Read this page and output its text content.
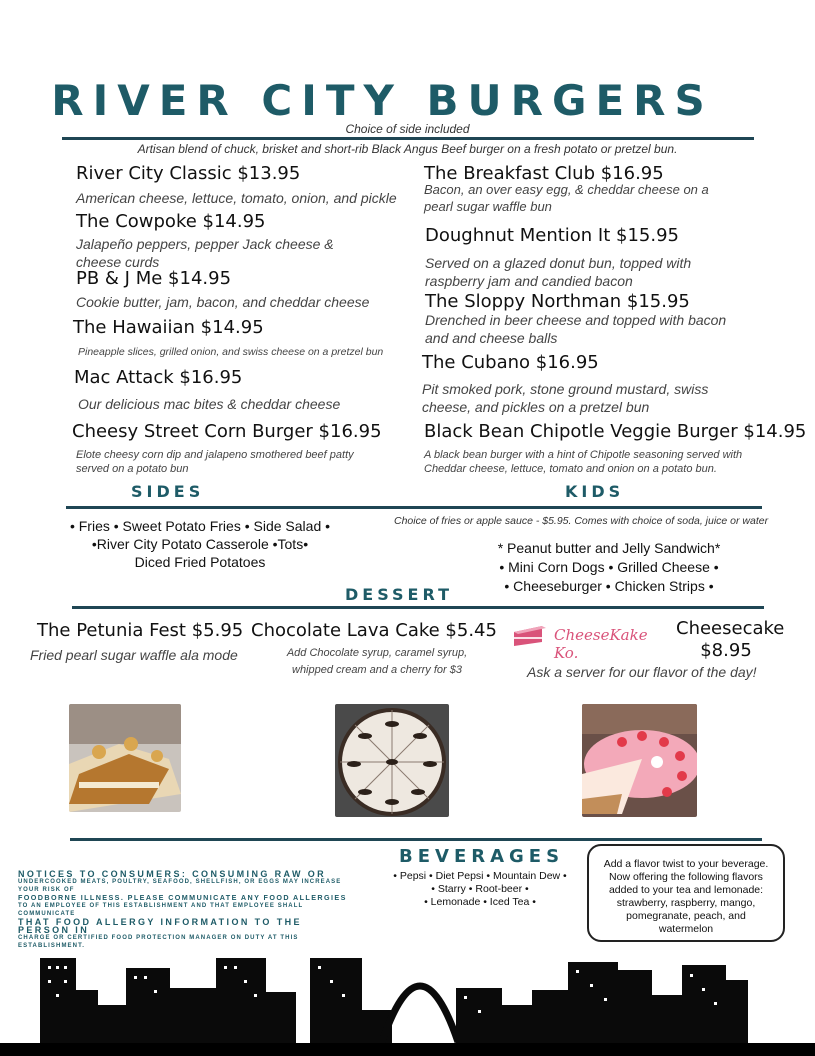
RIVER CITY BURGERS
Choice of side included
Artisan blend of chuck, brisket and short-rib Black Angus Beef burger on a fresh potato or pretzel bun.
River City Classic $13.95
American cheese, lettuce, tomato, onion, and pickle
The Cowpoke $14.95
Jalapeño peppers, pepper Jack cheese & cheese curds
PB & J Me $14.95
Cookie butter, jam, bacon, and cheddar cheese
The Hawaiian $14.95
Pineapple slices, grilled onion, and swiss cheese on a pretzel bun
Mac Attack $16.95
Our delicious mac bites & cheddar cheese
Cheesy Street Corn Burger $16.95
Elote cheesy corn dip and jalapeno smothered beef patty served on a potato bun
The Breakfast Club $16.95
Bacon, an over easy egg, & cheddar cheese on a pearl sugar waffle bun
Doughnut Mention It $15.95
Served on a glazed donut bun, topped with raspberry jam and candied bacon
The Sloppy Northman $15.95
Drenched in beer cheese and topped with bacon and and cheese balls
The Cubano $16.95
Pit smoked pork, stone ground mustard, swiss cheese, and pickles on a pretzel bun
Black Bean Chipotle Veggie Burger $14.95
A black bean burger with a hint of Chipotle seasoning served with Cheddar cheese, lettuce, tomato and onion on a potato bun.
SIDES	KIDS
• Fries • Sweet Potato Fries • Side Salad •
•River City Potato Casserole •Tots•
Diced Fried Potatoes
Choice of fries or apple sauce - $5.95. Comes with choice of soda, juice or water
* Peanut butter and Jelly Sandwich*
• Mini Corn Dogs • Grilled Cheese •
• Cheeseburger • Chicken Strips •
DESSERT
The Petunia Fest $5.95
Fried pearl sugar waffle ala mode
Chocolate Lava Cake $5.45
Add Chocolate syrup, caramel syrup, whipped cream and a cherry for $3
CheeseKake Ko.
Cheesecake $8.95
Ask a server for our flavor of the day!
NOTICES TO CONSUMERS: CONSUMING RAW OR
UNDERCOOKED MEATS, POULTRY, SEAFOOD, SHELLFISH, OR EGGS MAY INCREASE YOUR RISK OF
FOODBORNE ILLNESS. PLEASE COMMUNICATE ANY FOOD ALLERGIES
TO AN EMPLOYEE OF THIS ESTABLISHMENT AND THAT EMPLOYEE SHALL COMMUNICATE
THAT FOOD ALLERGY INFORMATION TO THE PERSON IN
CHARGE OR CERTIFIED FOOD PROTECTION MANAGER ON DUTY AT THIS ESTABLISHMENT.
BEVERAGES
• Pepsi • Diet Pepsi • Mountain Dew •
• Starry • Root-beer •
• Lemonade • Iced Tea •
Add a flavor twist to your beverage. Now offering the following flavors added to your tea and lemonade: strawberry, raspberry, mango, pomegranate, peach, and watermelon
